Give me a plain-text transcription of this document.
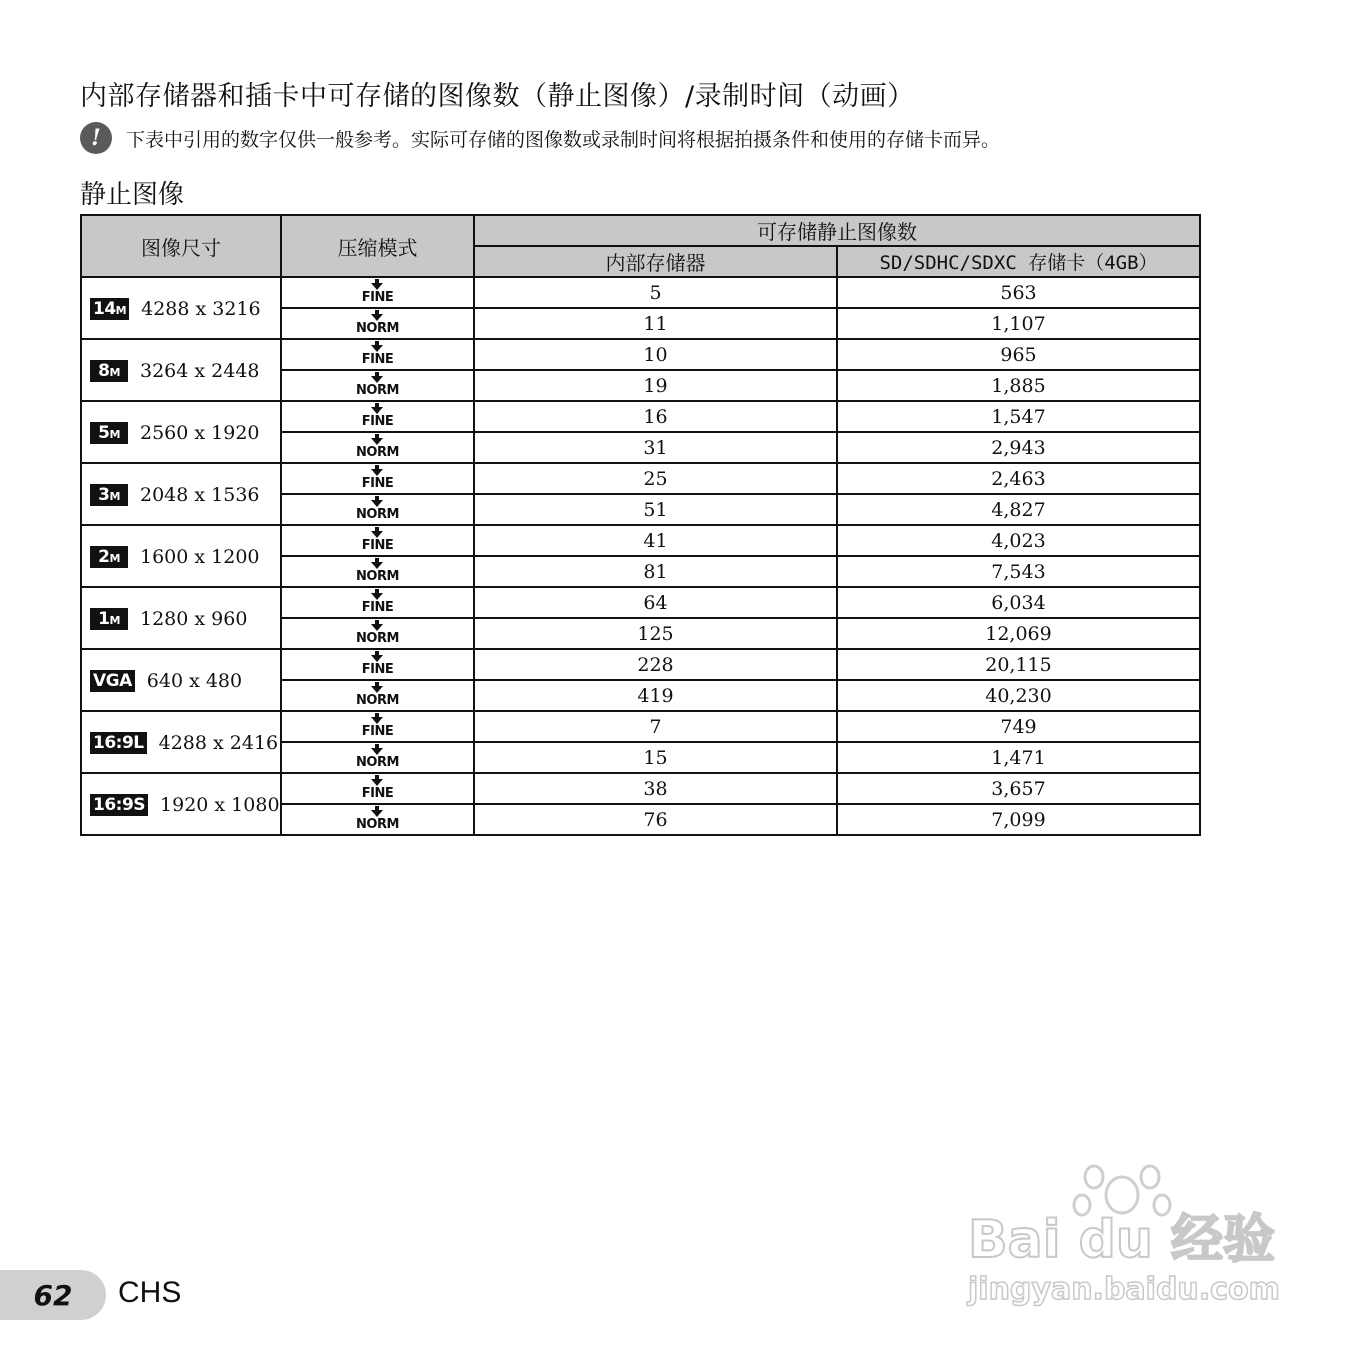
内部存储器和插卡中可存储的图像数（静止图像）/录制时间（动画）
!	下表中引用的数字仅供一般参考。实际可存储的图像数或录制时间将根据拍摄条件和使用的存储卡而异。
静止图像
图像尺寸	压缩模式	可存储静止图像数	
		内部存储器	SD/SDHC/SDXC 存储卡（4GB）
14M 4288 x 3216	FINE	5	563

	NORM	11	1,107
8M 3264 x 2448	FINE	10	965

	NORM	19	1,885
5M 2560 x 1920	FINE	16	1,547

	NORM	31	2,943
3M 2048 x 1536	FINE	25	2,463

	NORM	51	4,827
2M 1600 x 1200	FINE	41	4,023

	NORM	81	7,543
1M 1280 x 960	FINE	64	6,034

	NORM	125	12,069
VGA 640 x 480	FINE	228	20,115

	NORM	419	40,230
16:9L 4288 x 2416	FINE	7	749

	NORM	15	1,471
16:9S 1920 x 1080	FINE	38	3,657

	NORM	76	7,099
62	CHS
Bai du 经验
jingyan.baidu.com
